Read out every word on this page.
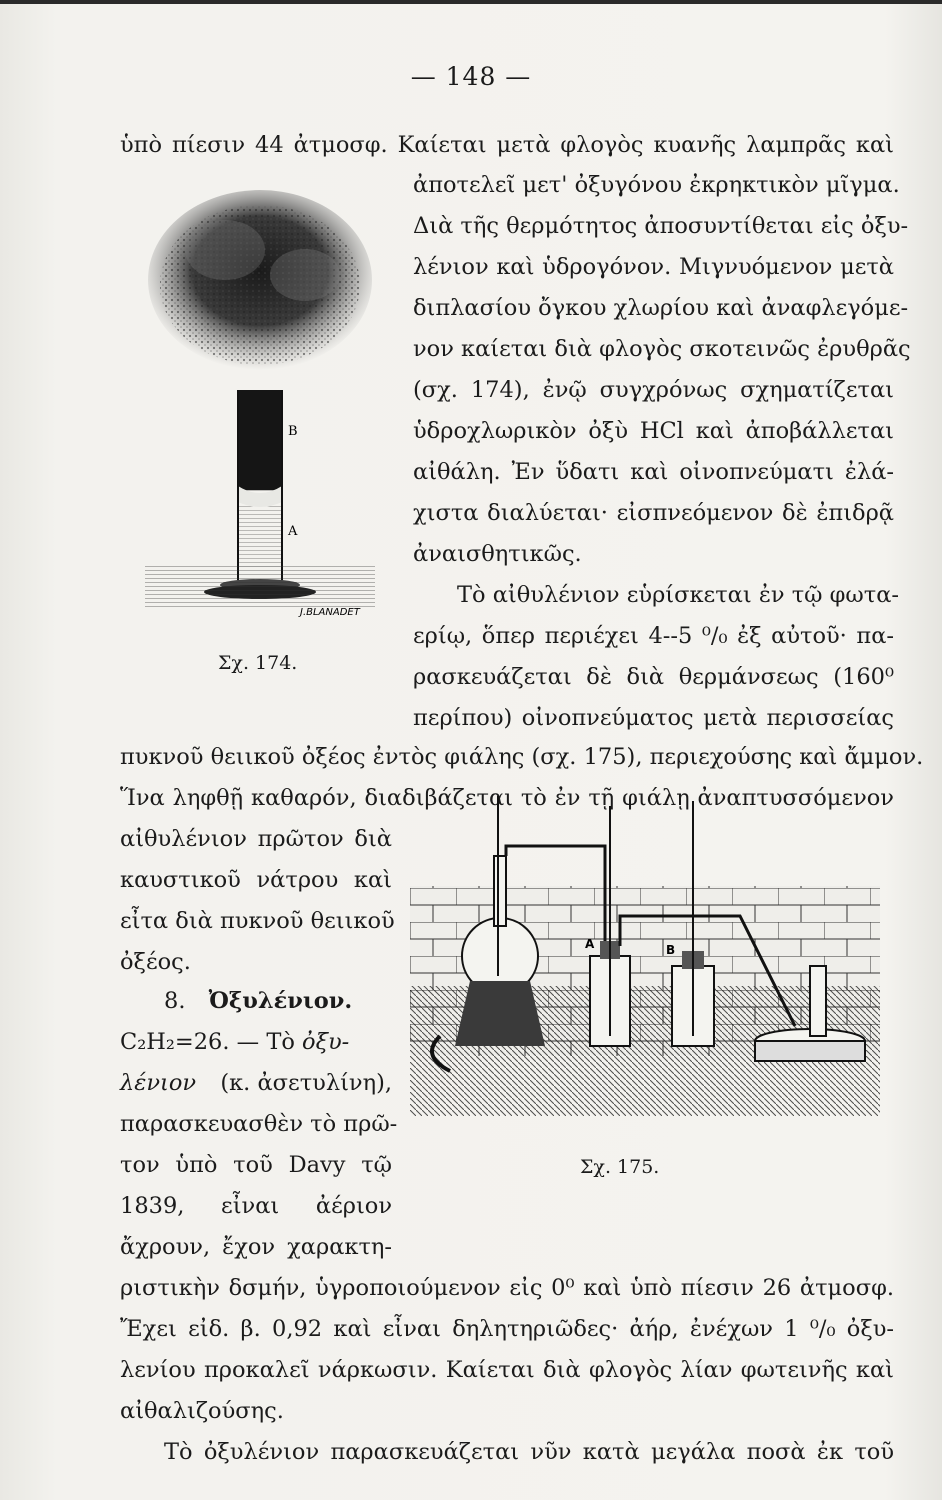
— 148 —
ὑπὸ πίεσιν 44 ἀτμοσφ. Καίεται μετὰ φλογὸς κυανῆς λαμπρᾶς καὶ
ἀποτελεῖ μετ' ὀξυγόνου ἐκρηκτικὸν μῖγμα.
Διὰ τῆς θερμότητος ἀποσυντίθεται εἰς ὀξυ-
λένιον καὶ ὑδρογόνον. Μιγνυόμενον μετὰ
διπλασίου ὄγκου χλωρίου καὶ ἀναφλεγόμε-
νον καίεται διὰ φλογὸς σκοτεινῶς ἐρυθρᾶς
(σχ. 174), ἐνῷ συγχρόνως σχηματίζεται
ὑδροχλωρικὸν ὀξὺ HCl καὶ ἀποβάλλεται
αἰθάλη. Ἐν ὕδατι καὶ οἰνοπνεύματι ἐλά-
χιστα διαλύεται· εἰσπνεόμενον δὲ ἐπιδρᾷ
ἀναισθητικῶς.
Τὸ αἰθυλένιον εὑρίσκεται ἐν τῷ φωτα-
ερίῳ, ὅπερ περιέχει 4--5 ⁰/₀ ἐξ αὐτοῦ· πα-
ρασκευάζεται δὲ διὰ θερμάνσεως (160⁰
περίπου) οἰνοπνεύματος μετὰ περισσείας
πυκνοῦ θειικοῦ ὀξέος ἐντὸς φιάλης (σχ. 175), περιεχούσης καὶ ἄμμον.
Ἵνα ληφθῇ καθαρόν, διαδιβάζεται τὸ ἐν τῇ φιάλῃ ἀναπτυσσόμενον
αἰθυλένιον πρῶτον διὰ
καυστικοῦ νάτρου καὶ
εἶτα διὰ πυκνοῦ θειικοῦ
ὀξέος.
8. Ὀξυλένιον.
C₂H₂=26. — Τὸ ὀξυ-
λένιον (κ. ἀσετυλίνη),
παρασκευασθὲν τὸ πρῶ-
τον ὑπὸ τοῦ Davy τῷ
1839, εἶναι ἀέριον
ἄχρουν, ἔχον χαρακτη-
ριστικὴν δσμήν, ὑγροποιούμενον εἰς 0⁰ καὶ ὑπὸ πίεσιν 26 ἀτμοσφ.
Ἔχει εἰδ. β. 0,92 καὶ εἶναι δηλητηριῶδες· ἀήρ, ἐνέχων 1 ⁰/₀ ὀξυ-
λενίου προκαλεῖ νάρκωσιν. Καίεται διὰ φλογὸς λίαν φωτεινῆς καὶ
αἰθαλιζούσης.
Τὸ ὀξυλένιον παρασκευάζεται νῦν κατὰ μεγάλα ποσὰ ἐκ τοῦ
B
A
J.BLANADET
Σχ. 174.
A	B
Σχ. 175.
